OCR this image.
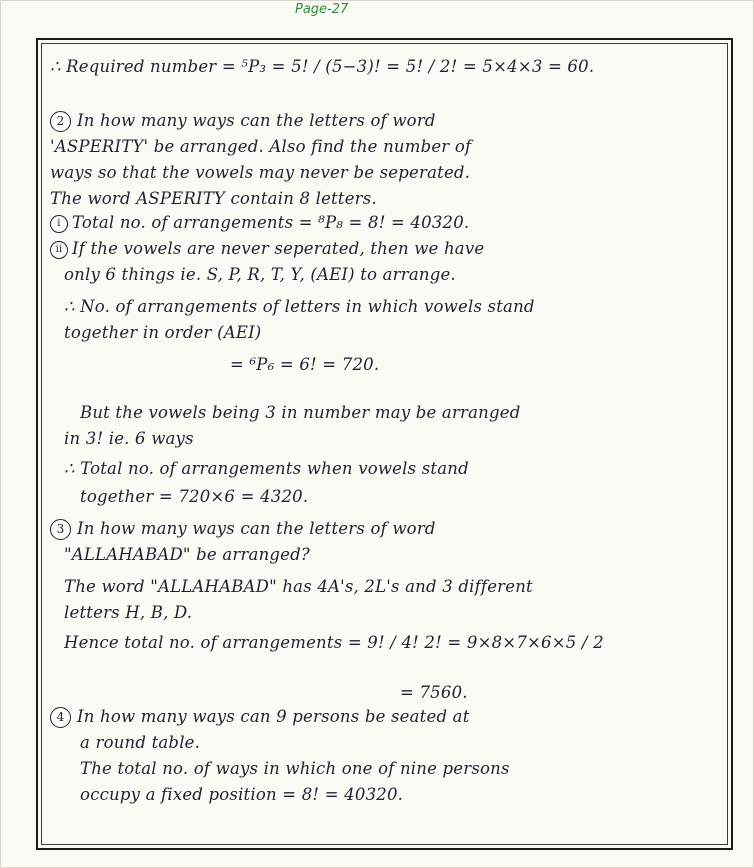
Page-27
∴ Required number = ⁵P₃ = 5! / (5−3)! = 5! / 2! = 5×4×3 = 60.
2 In how many ways can the letters of word
'ASPERITY' be arranged. Also find the number of
ways so that the vowels may never be seperated.
The word ASPERITY contain 8 letters.
i Total no. of arrangements = ⁸P₈ = 8! = 40320.
ii If the vowels are never seperated, then we have
only 6 things ie. S, P, R, T, Y, (AEI) to arrange.
∴ No. of arrangements of letters in which vowels stand
together in order (AEI)
= ⁶P₆ = 6! = 720.
But the vowels being 3 in number may be arranged
in 3! ie. 6 ways
∴ Total no. of arrangements when vowels stand
together = 720×6 = 4320.
3 In how many ways can the letters of word
"ALLAHABAD" be arranged?
The word "ALLAHABAD" has 4A's, 2L's and 3 different
letters H, B, D.
Hence total no. of arrangements = 9! / 4! 2! = 9×8×7×6×5 / 2
= 7560.
4 In how many ways can 9 persons be seated at
a round table.
The total no. of ways in which one of nine persons
occupy a fixed position = 8! = 40320.
